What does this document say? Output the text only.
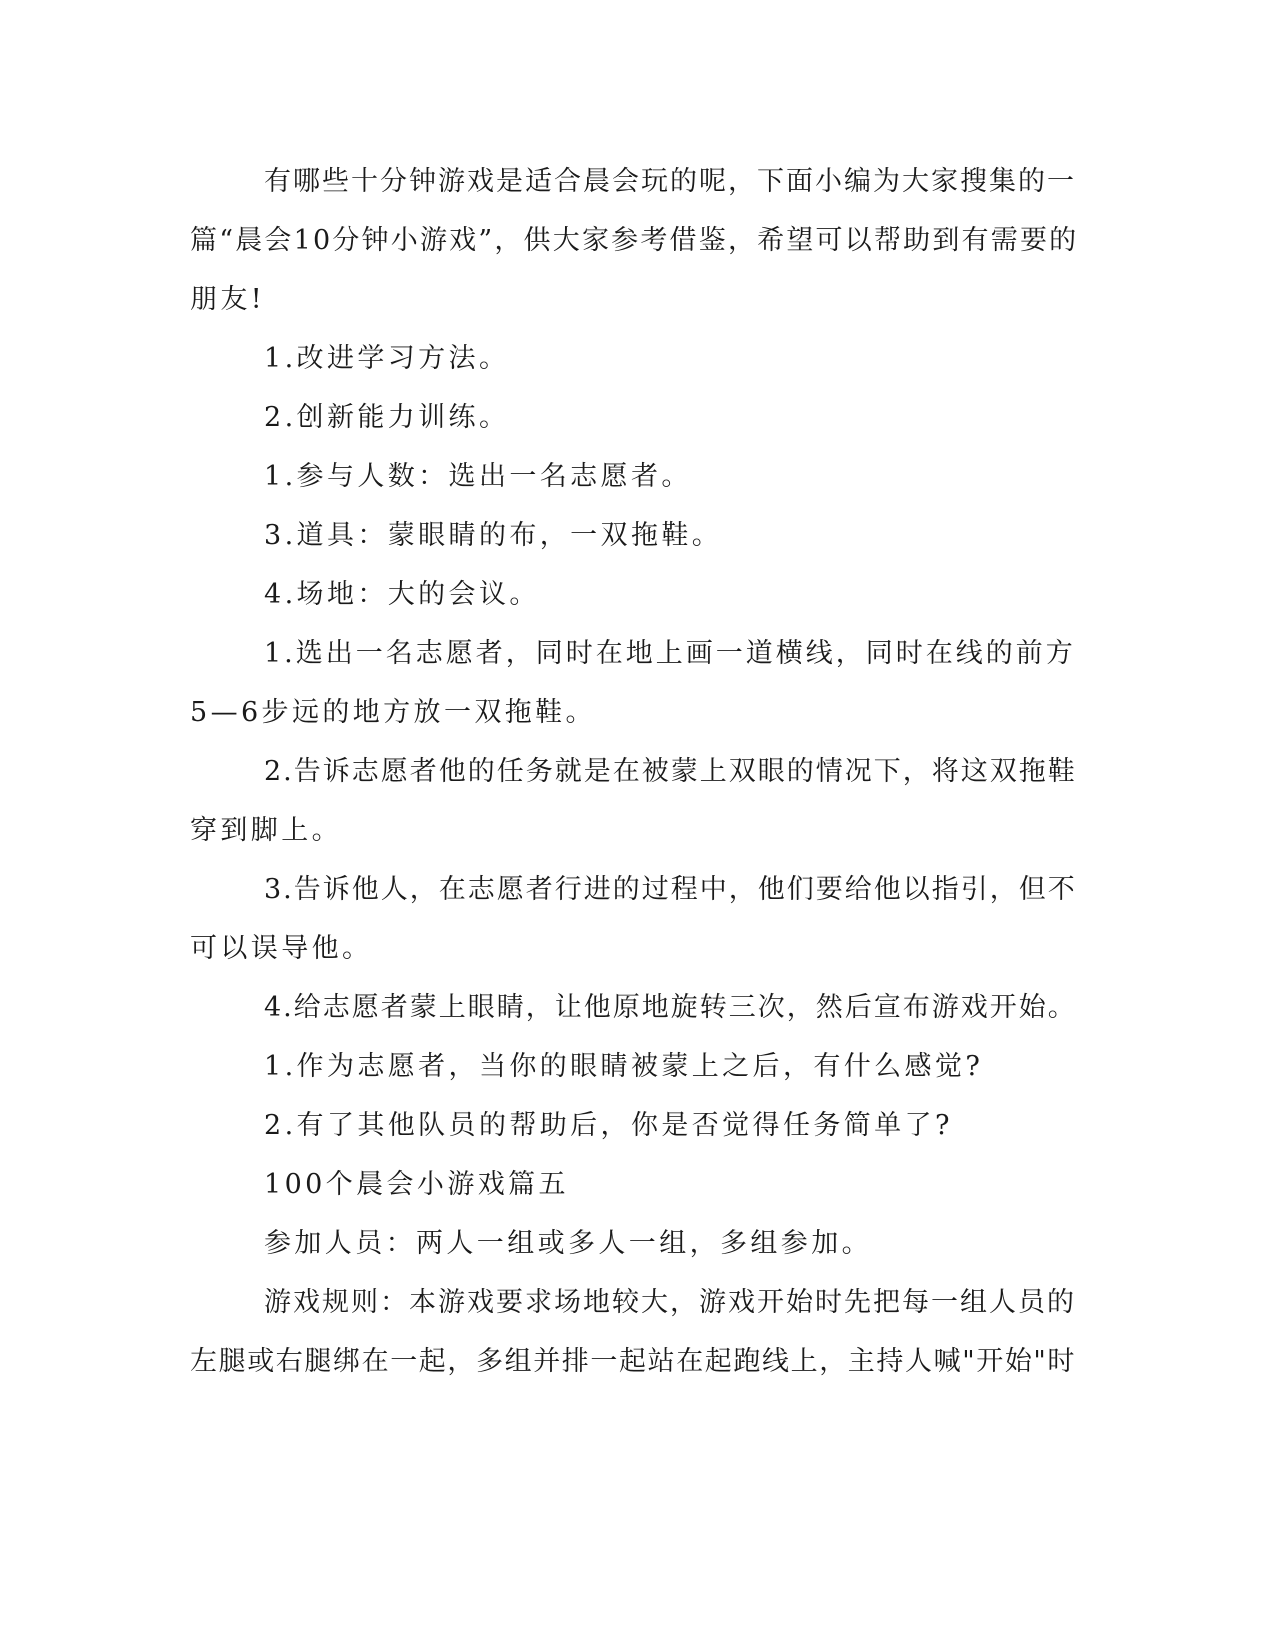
有哪些十分钟游戏是适合晨会玩的呢，下面小编为大家搜集的一
篇“晨会10分钟小游戏”，供大家参考借鉴，希望可以帮助到有需要的
朋友!
1.改进学习方法。
2.创新能力训练。
1.参与人数：选出一名志愿者。
3.道具：蒙眼睛的布，一双拖鞋。
4.场地：大的会议。
1.选出一名志愿者，同时在地上画一道横线，同时在线的前方
5—6步远的地方放一双拖鞋。
2.告诉志愿者他的任务就是在被蒙上双眼的情况下，将这双拖鞋
穿到脚上。
3.告诉他人，在志愿者行进的过程中，他们要给他以指引，但不
可以误导他。
4.给志愿者蒙上眼睛，让他原地旋转三次，然后宣布游戏开始。
1.作为志愿者，当你的眼睛被蒙上之后，有什么感觉?
2.有了其他队员的帮助后，你是否觉得任务简单了?
100个晨会小游戏篇五
参加人员：两人一组或多人一组，多组参加。
游戏规则：本游戏要求场地较大，游戏开始时先把每一组人员的
左腿或右腿绑在一起，多组并排一起站在起跑线上，主持人喊"开始"时
